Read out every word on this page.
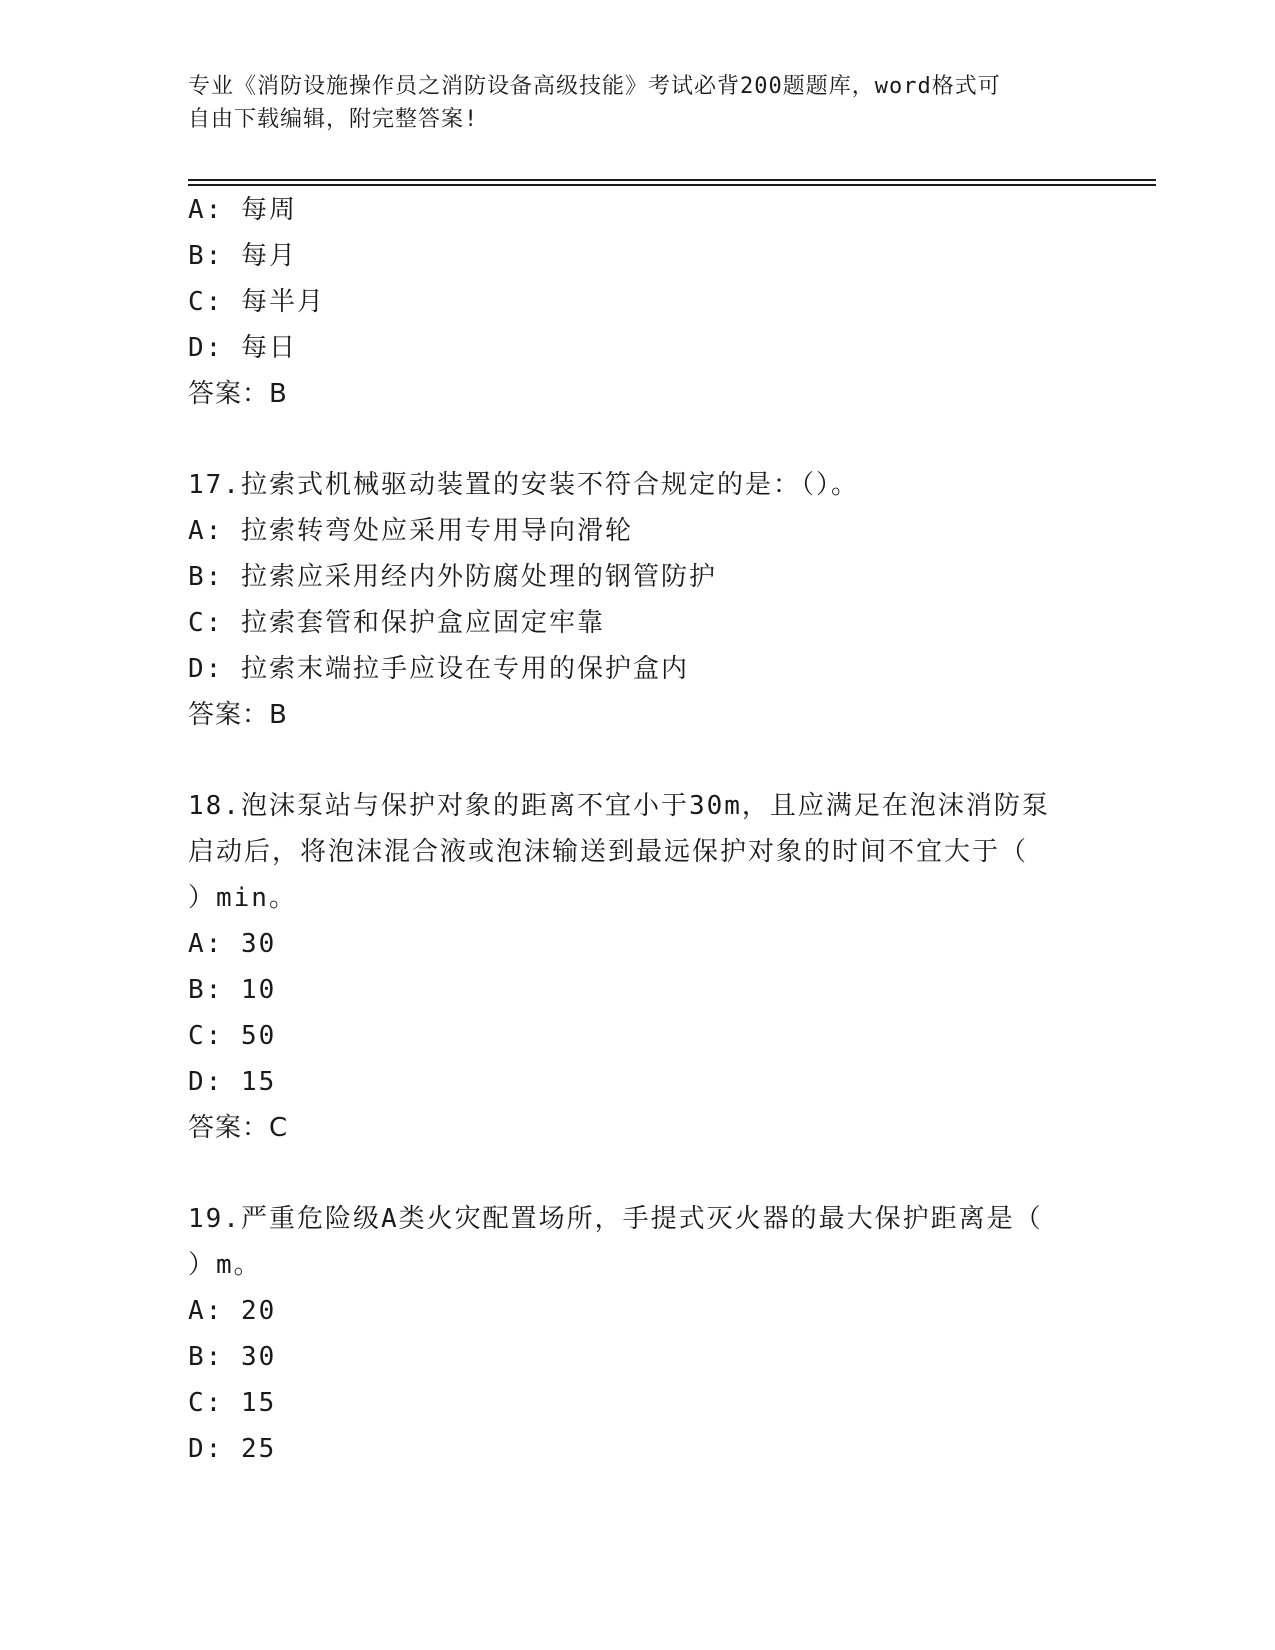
专业《消防设施操作员之消防设备高级技能》考试必背200题题库，word格式可
自由下载编辑，附完整答案!
A: 每周
B: 每月
C: 每半月
D: 每日
答案：B
17.拉索式机械驱动装置的安装不符合规定的是：（）。
A: 拉索转弯处应采用专用导向滑轮
B: 拉索应采用经内外防腐处理的钢管防护
C: 拉索套管和保护盒应固定牢靠
D: 拉索末端拉手应设在专用的保护盒内
答案：B
18.泡沫泵站与保护对象的距离不宜小于30m，且应满足在泡沫消防泵
启动后，将泡沫混合液或泡沫输送到最远保护对象的时间不宜大于（
）min。
A: 30
B: 10
C: 50
D: 15
答案：C
19.严重危险级A类火灾配置场所，手提式灭火器的最大保护距离是（
）m。
A: 20
B: 30
C: 15
D: 25
